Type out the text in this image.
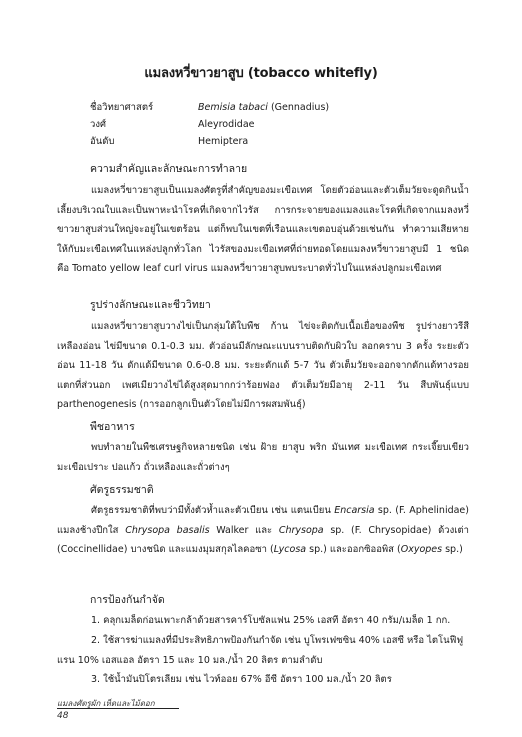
แมลงหวี่ขาวยาสูบ (tobacco whitefly)
ชื่อวิทยาศาสตร์	Bemisia tabaci (Gennadius)
วงศ์	Aleyrodidae
อันดับ	Hemiptera
ความสำคัญและลักษณะการทำลาย
แมลงหวี่ขาวยาสูบเป็นแมลงศัตรูที่สำคัญของมะเขือเทศ โดยตัวอ่อนและตัวเต็มวัยจะดูดกินน้ำเลี้ยงบริเวณใบและเป็นพาหะนำโรคที่เกิดจากไวรัส การกระจายของแมลงและโรคที่เกิดจากแมลงหวี่ขาวยาสูบส่วนใหญ่จะอยู่ในเขตร้อน แต่ก็พบในเขตที่เรือนและเขตอบอุ่นด้วยเช่นกัน ทำความเสียหายให้กับมะเขือเทศในแหล่งปลูกทั่วโลก ไวรัสของมะเขือเทศที่ถ่ายทอดโดยแมลงหวี่ขาวยาสูบมี 1 ชนิด คือ Tomato yellow leaf curl virus แมลงหวี่ขาวยาสูบพบระบาดทั่วไปในแหล่งปลูกมะเขือเทศ
รูปร่างลักษณะและชีววิทยา
แมลงหวี่ขาวยาสูบวางไข่เป็นกลุ่มใต้ใบพืช ก้าน ไข่จะติดกับเนื้อเยื่อของพืช รูปร่างยาวรีสีเหลืองอ่อน ไข่มีขนาด 0.1-0.3 มม. ตัวอ่อนมีลักษณะแบนราบติดกับผิวใบ ลอกคราบ 3 ครั้ง ระยะตัวอ่อน 11-18 วัน ดักแด้มีขนาด 0.6-0.8 มม. ระยะดักแด้ 5-7 วัน ตัวเต็มวัยจะออกจากดักแด้ทางรอยแตกที่ส่วนอก เพศเมียวางไข่ได้สูงสุดมากกว่าร้อยฟอง ตัวเต็มวัยมีอายุ 2-11 วัน สืบพันธุ์แบบ parthenogenesis (การออกลูกเป็นตัวโดยไม่มีการผสมพันธุ์)
พืชอาหาร
พบทำลายในพืชเศรษฐกิจหลายชนิด เช่น ฝ้าย ยาสูบ พริก มันเทศ มะเขือเทศ กระเจี๊ยบเขียว มะเขือเปราะ ปอแก้ว ถั่วเหลืองและถั่วต่างๆ
ศัตรูธรรมชาติ
ศัตรูธรรมชาติที่พบว่ามีทั้งตัวห้ำและตัวเบียน เช่น แตนเบียน Encarsia sp. (F. Aphelinidae) แมลงช้างปีกใส Chrysopa basalis Walker และ Chrysopa sp. (F. Chrysopidae) ด้วงเต่า (Coccinellidae) บางชนิด และแมงมุมสกุลไลคอซา (Lycosa sp.) และออกซิออพิส (Oxyopes sp.)
การป้องกันกำจัด
1. คลุกเมล็ดก่อนเพาะกล้าด้วยสารคาร์โบซัลแฟน 25% เอสที อัตรา 40 กรัม/เมล็ด 1 กก.
2. ใช้สารฆ่าแมลงที่มีประสิทธิภาพป้องกันกำจัด เช่น บูโพรเฟซซิน 40% เอสซี หรือ ไตโนฟีฟูแรน 10% เอสแอล อัตรา 15 และ 10 มล./น้ำ 20 ลิตร ตามลำดับ
3. ใช้น้ำมันปิโตรเลียม เช่น ไวท์ออย 67% อีซี อัตรา 100 มล./น้ำ 20 ลิตร
แมลงศัตรูผัก เห็ดและไม้ดอก
48
